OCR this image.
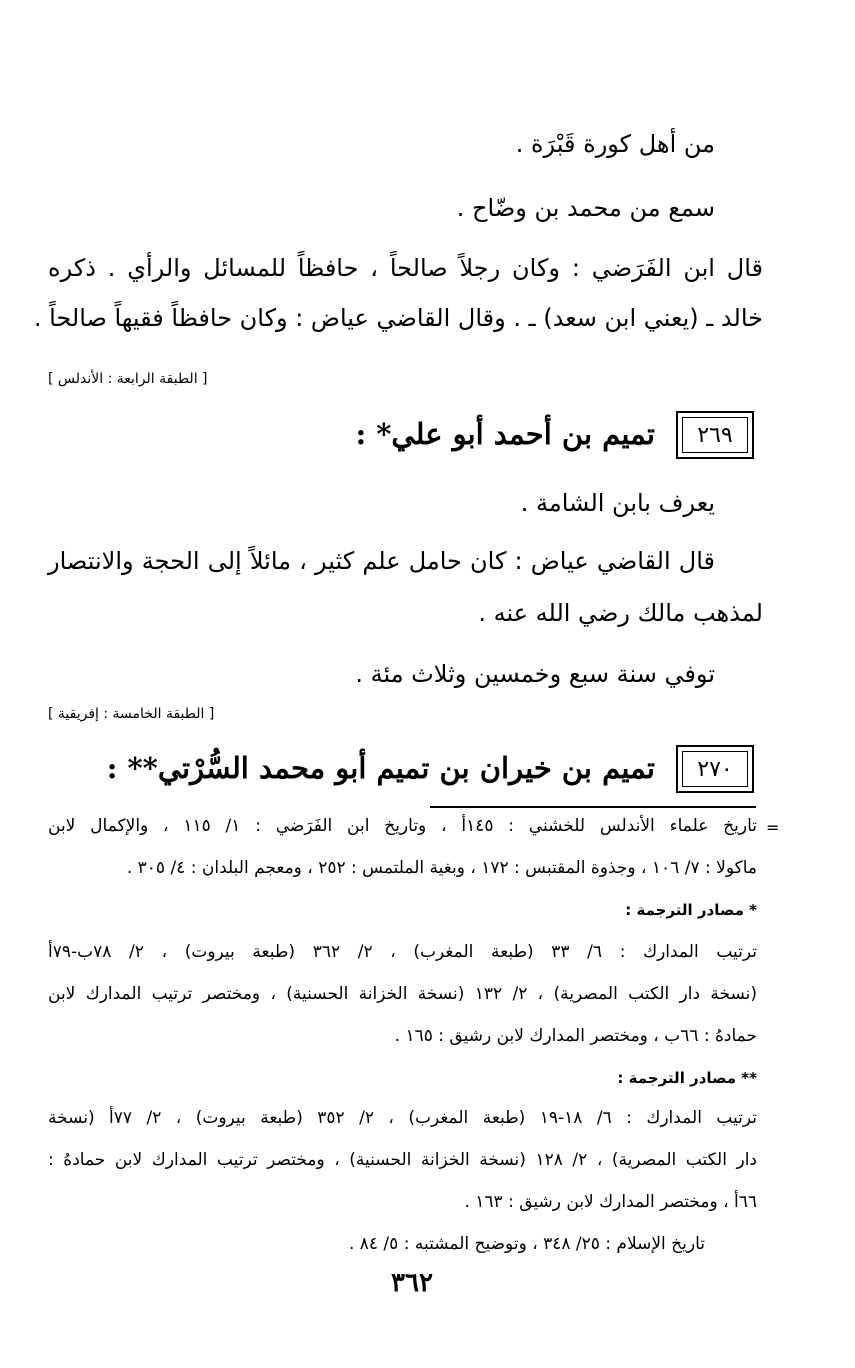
من أهل كورة قَبْرَة .
سمع من محمد بن وضّاح .
قال ابن الفَرَضي : وكان رجلاً صالحاً ، حافظاً للمسائل والرأي . ذكره
خالد ـ (يعني ابن سعد) ـ . وقال القاضي عياض : وكان حافظاً فقيهاً صالحاً .
[ الطبقة الرابعة : الأندلس ]
٢٦٩
تميم بن أحمد أبو علي* :
يعرف بابن الشامة .
قال القاضي عياض : كان حامل علم كثير ، مائلاً إلى الحجة والانتصار
لمذهب مالك رضي الله عنه .
توفي سنة سبع وخمسين وثلاث مئة .
[ الطبقة الخامسة : إفريقية ]
٢٧٠
تميم بن خيران بن تميم أبو محمد السُّرْتي** :
=
تاريخ علماء الأندلس للخشني : ١٤٥أ ، وتاريخ ابن الفَرَضي : ١/ ١١٥ ، والإكمال لابن
ماكولا : ٧/ ١٠٦ ، وجذوة المقتبس : ١٧٢ ، وبغية الملتمس : ٢٥٢ ، ومعجم البلدان : ٤/ ٣٠٥ .
* مصادر الترجمة :
ترتيب المدارك : ٦/ ٣٣ (طبعة المغرب) ، ٢/ ٣٦٢ (طبعة بيروت) ، ٢/ ٧٨ب-٧٩أ
(نسخة دار الكتب المصرية) ، ٢/ ١٣٢ (نسخة الخزانة الحسنية) ، ومختصر ترتيب المدارك لابن
حمادهُ : ٦٦ب ، ومختصر المدارك لابن رشيق : ١٦٥ .
** مصادر الترجمة :
ترتيب المدارك : ٦/ ١٨-١٩ (طبعة المغرب) ، ٢/ ٣٥٢ (طبعة بيروت) ، ٢/ ٧٧أ (نسخة
دار الكتب المصرية) ، ٢/ ١٢٨ (نسخة الخزانة الحسنية) ، ومختصر ترتيب المدارك لابن حمادهُ :
٦٦أ ، ومختصر المدارك لابن رشيق : ١٦٣ .
تاريخ الإسلام : ٢٥/ ٣٤٨ ، وتوضيح المشتبه : ٥/ ٨٤ .
٣٦٢
